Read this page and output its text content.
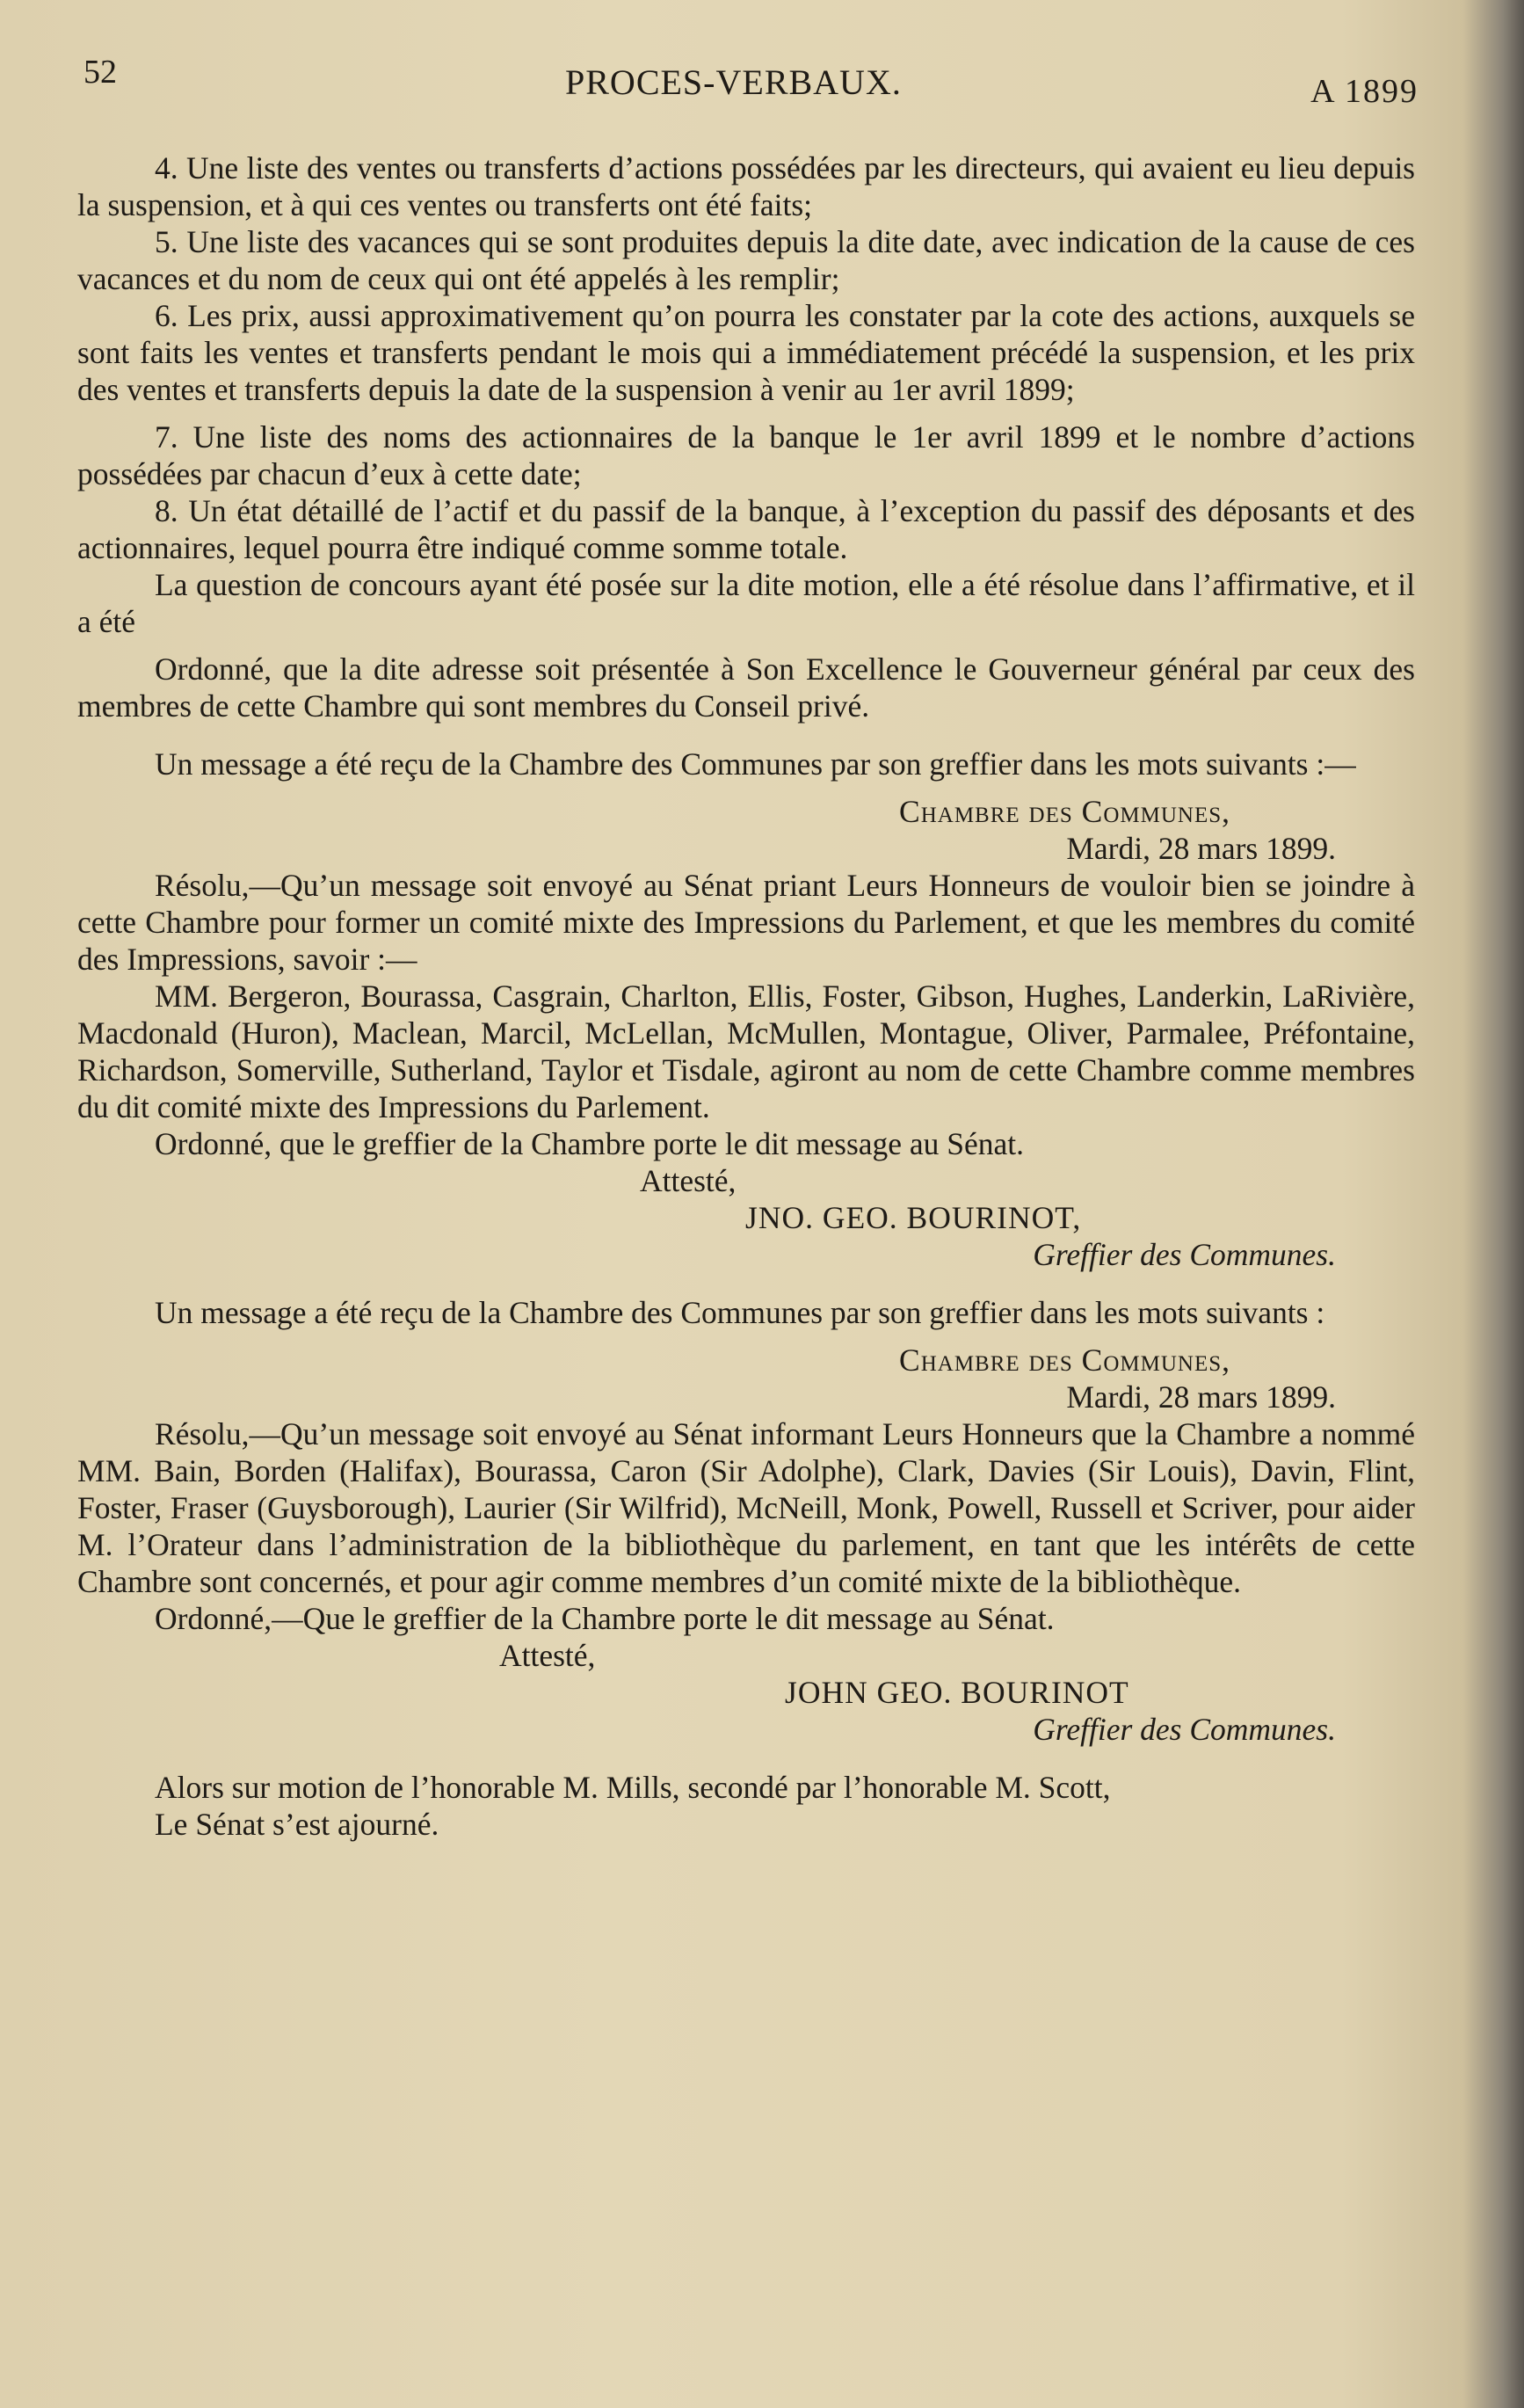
52	PROCES-VERBAUX.	A 1899

4. Une liste des ventes ou transferts d’actions possédées par les directeurs, qui avaient eu lieu depuis la suspension, et à qui ces ventes ou transferts ont été faits;

5. Une liste des vacances qui se sont produites depuis la dite date, avec indication de la cause de ces vacances et du nom de ceux qui ont été appelés à les remplir;

6. Les prix, aussi approximativement qu’on pourra les constater par la cote des actions, auxquels se sont faits les ventes et transferts pendant le mois qui a immédiatement précédé la suspension, et les prix des ventes et transferts depuis la date de la suspension à venir au 1er avril 1899;

7. Une liste des noms des actionnaires de la banque le 1er avril 1899 et le nombre d’actions possédées par chacun d’eux à cette date;

8. Un état détaillé de l’actif et du passif de la banque, à l’exception du passif des déposants et des actionnaires, lequel pourra être indiqué comme somme totale.

La question de concours ayant été posée sur la dite motion, elle a été résolue dans l’affirmative, et il a été

Ordonné, que la dite adresse soit présentée à Son Excellence le Gouverneur général par ceux des membres de cette Chambre qui sont membres du Conseil privé.

Un message a été reçu de la Chambre des Communes par son greffier dans les mots suivants :—

Chambre des Communes,

Mardi, 28 mars 1899.

Résolu,—Qu’un message soit envoyé au Sénat priant Leurs Honneurs de vouloir bien se joindre à cette Chambre pour former un comité mixte des Impressions du Parlement, et que les membres du comité des Impressions, savoir :—

MM. Bergeron, Bourassa, Casgrain, Charlton, Ellis, Foster, Gibson, Hughes, Landerkin, LaRivière, Macdonald (Huron), Maclean, Marcil, McLellan, McMullen, Montague, Oliver, Parmalee, Préfontaine, Richardson, Somerville, Sutherland, Taylor et Tisdale, agiront au nom de cette Chambre comme membres du dit comité mixte des Impressions du Parlement.

Ordonné, que le greffier de la Chambre porte le dit message au Sénat.

Attesté,

JNO. GEO. BOURINOT,

Greffier des Communes.

Un message a été reçu de la Chambre des Communes par son greffier dans les mots suivants :

Chambre des Communes,

Mardi, 28 mars 1899.

Résolu,—Qu’un message soit envoyé au Sénat informant Leurs Honneurs que la Chambre a nommé MM. Bain, Borden (Halifax), Bourassa, Caron (Sir Adolphe), Clark, Davies (Sir Louis), Davin, Flint, Foster, Fraser (Guysborough), Laurier (Sir Wilfrid), McNeill, Monk, Powell, Russell et Scriver, pour aider M. l’Orateur dans l’administration de la bibliothèque du parlement, en tant que les intérêts de cette Chambre sont concernés, et pour agir comme membres d’un comité mixte de la bibliothèque.

Ordonné,—Que le greffier de la Chambre porte le dit message au Sénat.

Attesté,

JOHN GEO. BOURINOT

Greffier des Communes.

Alors sur motion de l’honorable M. Mills, secondé par l’honorable M. Scott,

Le Sénat s’est ajourné.
